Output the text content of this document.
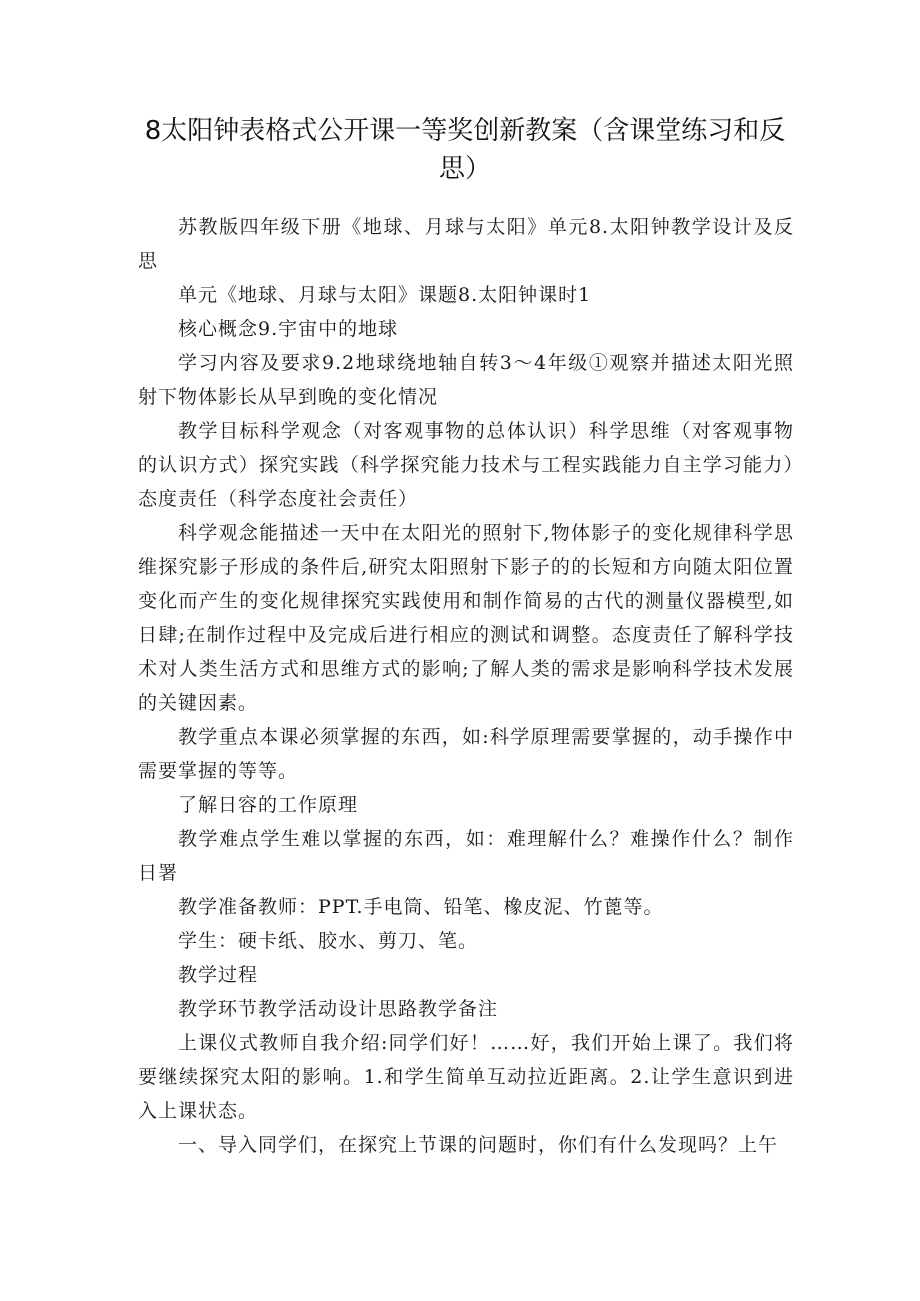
8太阳钟表格式公开课一等奖创新教案（含课堂练习和反思）

苏教版四年级下册《地球、月球与太阳》单元8.太阳钟教学设计及反思

单元《地球、月球与太阳》课题8.太阳钟课时1

核心概念9.宇宙中的地球

学习内容及要求9.2地球绕地轴自转3～4年级①观察并描述太阳光照射下物体影长从早到晚的变化情况

教学目标科学观念（对客观事物的总体认识）科学思维（对客观事物的认识方式）探究实践（科学探究能力技术与工程实践能力自主学习能力）态度责任（科学态度社会责任）

科学观念能描述一天中在太阳光的照射下,物体影子的变化规律科学思维探究影子形成的条件后,研究太阳照射下影子的的长短和方向随太阳位置变化而产生的变化规律探究实践使用和制作简易的古代的测量仪器模型,如日肆;在制作过程中及完成后进行相应的测试和调整。态度责任了解科学技术对人类生活方式和思维方式的影响;了解人类的需求是影响科学技术发展的关键因素。

教学重点本课必须掌握的东西，如:科学原理需要掌握的，动手操作中需要掌握的等等。

了解日容的工作原理

教学难点学生难以掌握的东西，如：难理解什么？难操作什么？制作日署

教学准备教师：PPT.手电筒、铅笔、橡皮泥、竹蓖等。

学生：硬卡纸、胶水、剪刀、笔。

教学过程

教学环节教学活动设计思路教学备注

上课仪式教师自我介绍:同学们好！……好，我们开始上课了。我们将要继续探究太阳的影响。1.和学生简单互动拉近距离。2.让学生意识到进入上课状态。

一、导入同学们，在探究上节课的问题时，你们有什么发现吗？上午
